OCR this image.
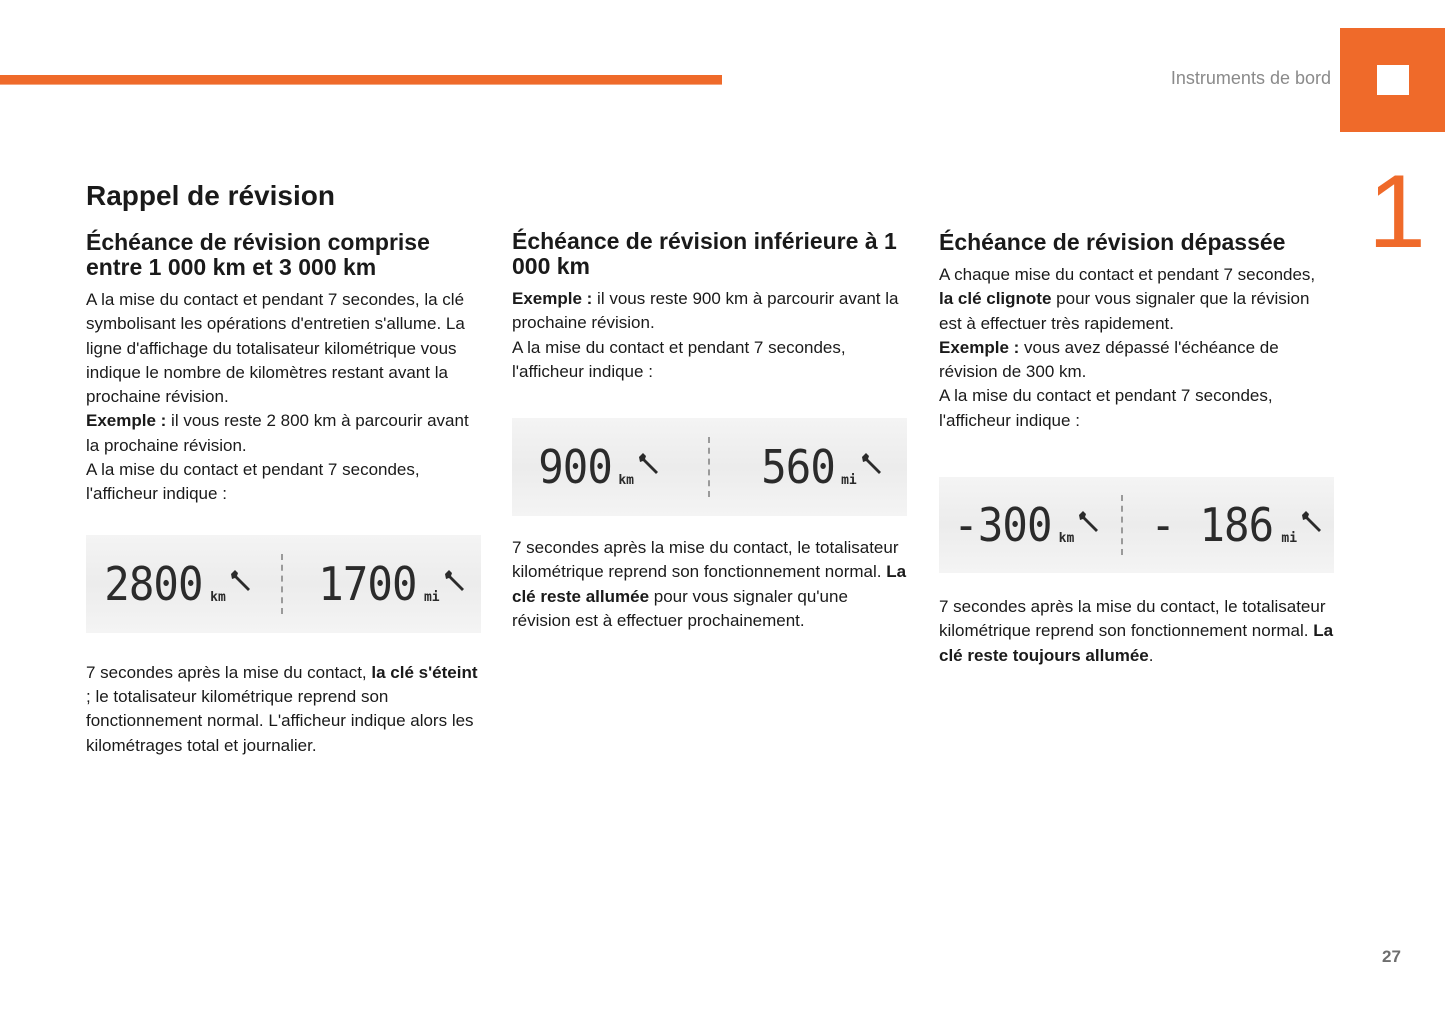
Instruments de bord
1
Rappel de révision
Échéance de révision comprise entre 1 000 km et 3 000 km

A la mise du contact et pendant 7 secondes, la clé symbolisant les opérations d'entretien s'allume. La ligne d'affichage du totalisateur kilométrique vous indique le nombre de kilomètres restant avant la prochaine révision.
Exemple : il vous reste 2 800 km à parcourir avant la prochaine révision.
A la mise du contact et pendant 7 secondes, l'afficheur indique :

2800 km 1700 mi

7 secondes après la mise du contact, la clé s'éteint ; le totalisateur kilométrique reprend son fonctionnement normal. L'afficheur indique alors les kilométrages total et journalier.

Échéance de révision inférieure à 1 000 km

Exemple : il vous reste 900 km à parcourir avant la prochaine révision.
A la mise du contact et pendant 7 secondes, l'afficheur indique :

900 km	560 mi

7 secondes après la mise du contact, le totalisateur kilométrique reprend son fonctionnement normal. La clé reste allumée pour vous signaler qu'une révision est à effectuer prochainement.

Échéance de révision dépassée

A chaque mise du contact et pendant 7 secondes, la clé clignote pour vous signaler que la révision est à effectuer très rapidement.
Exemple : vous avez dépassé l'échéance de révision de 300 km.
A la mise du contact et pendant 7 secondes, l'afficheur indique :

-300 km - 186 mi

7 secondes après la mise du contact, le totalisateur kilométrique reprend son fonctionnement normal. La clé reste toujours allumée.

27
